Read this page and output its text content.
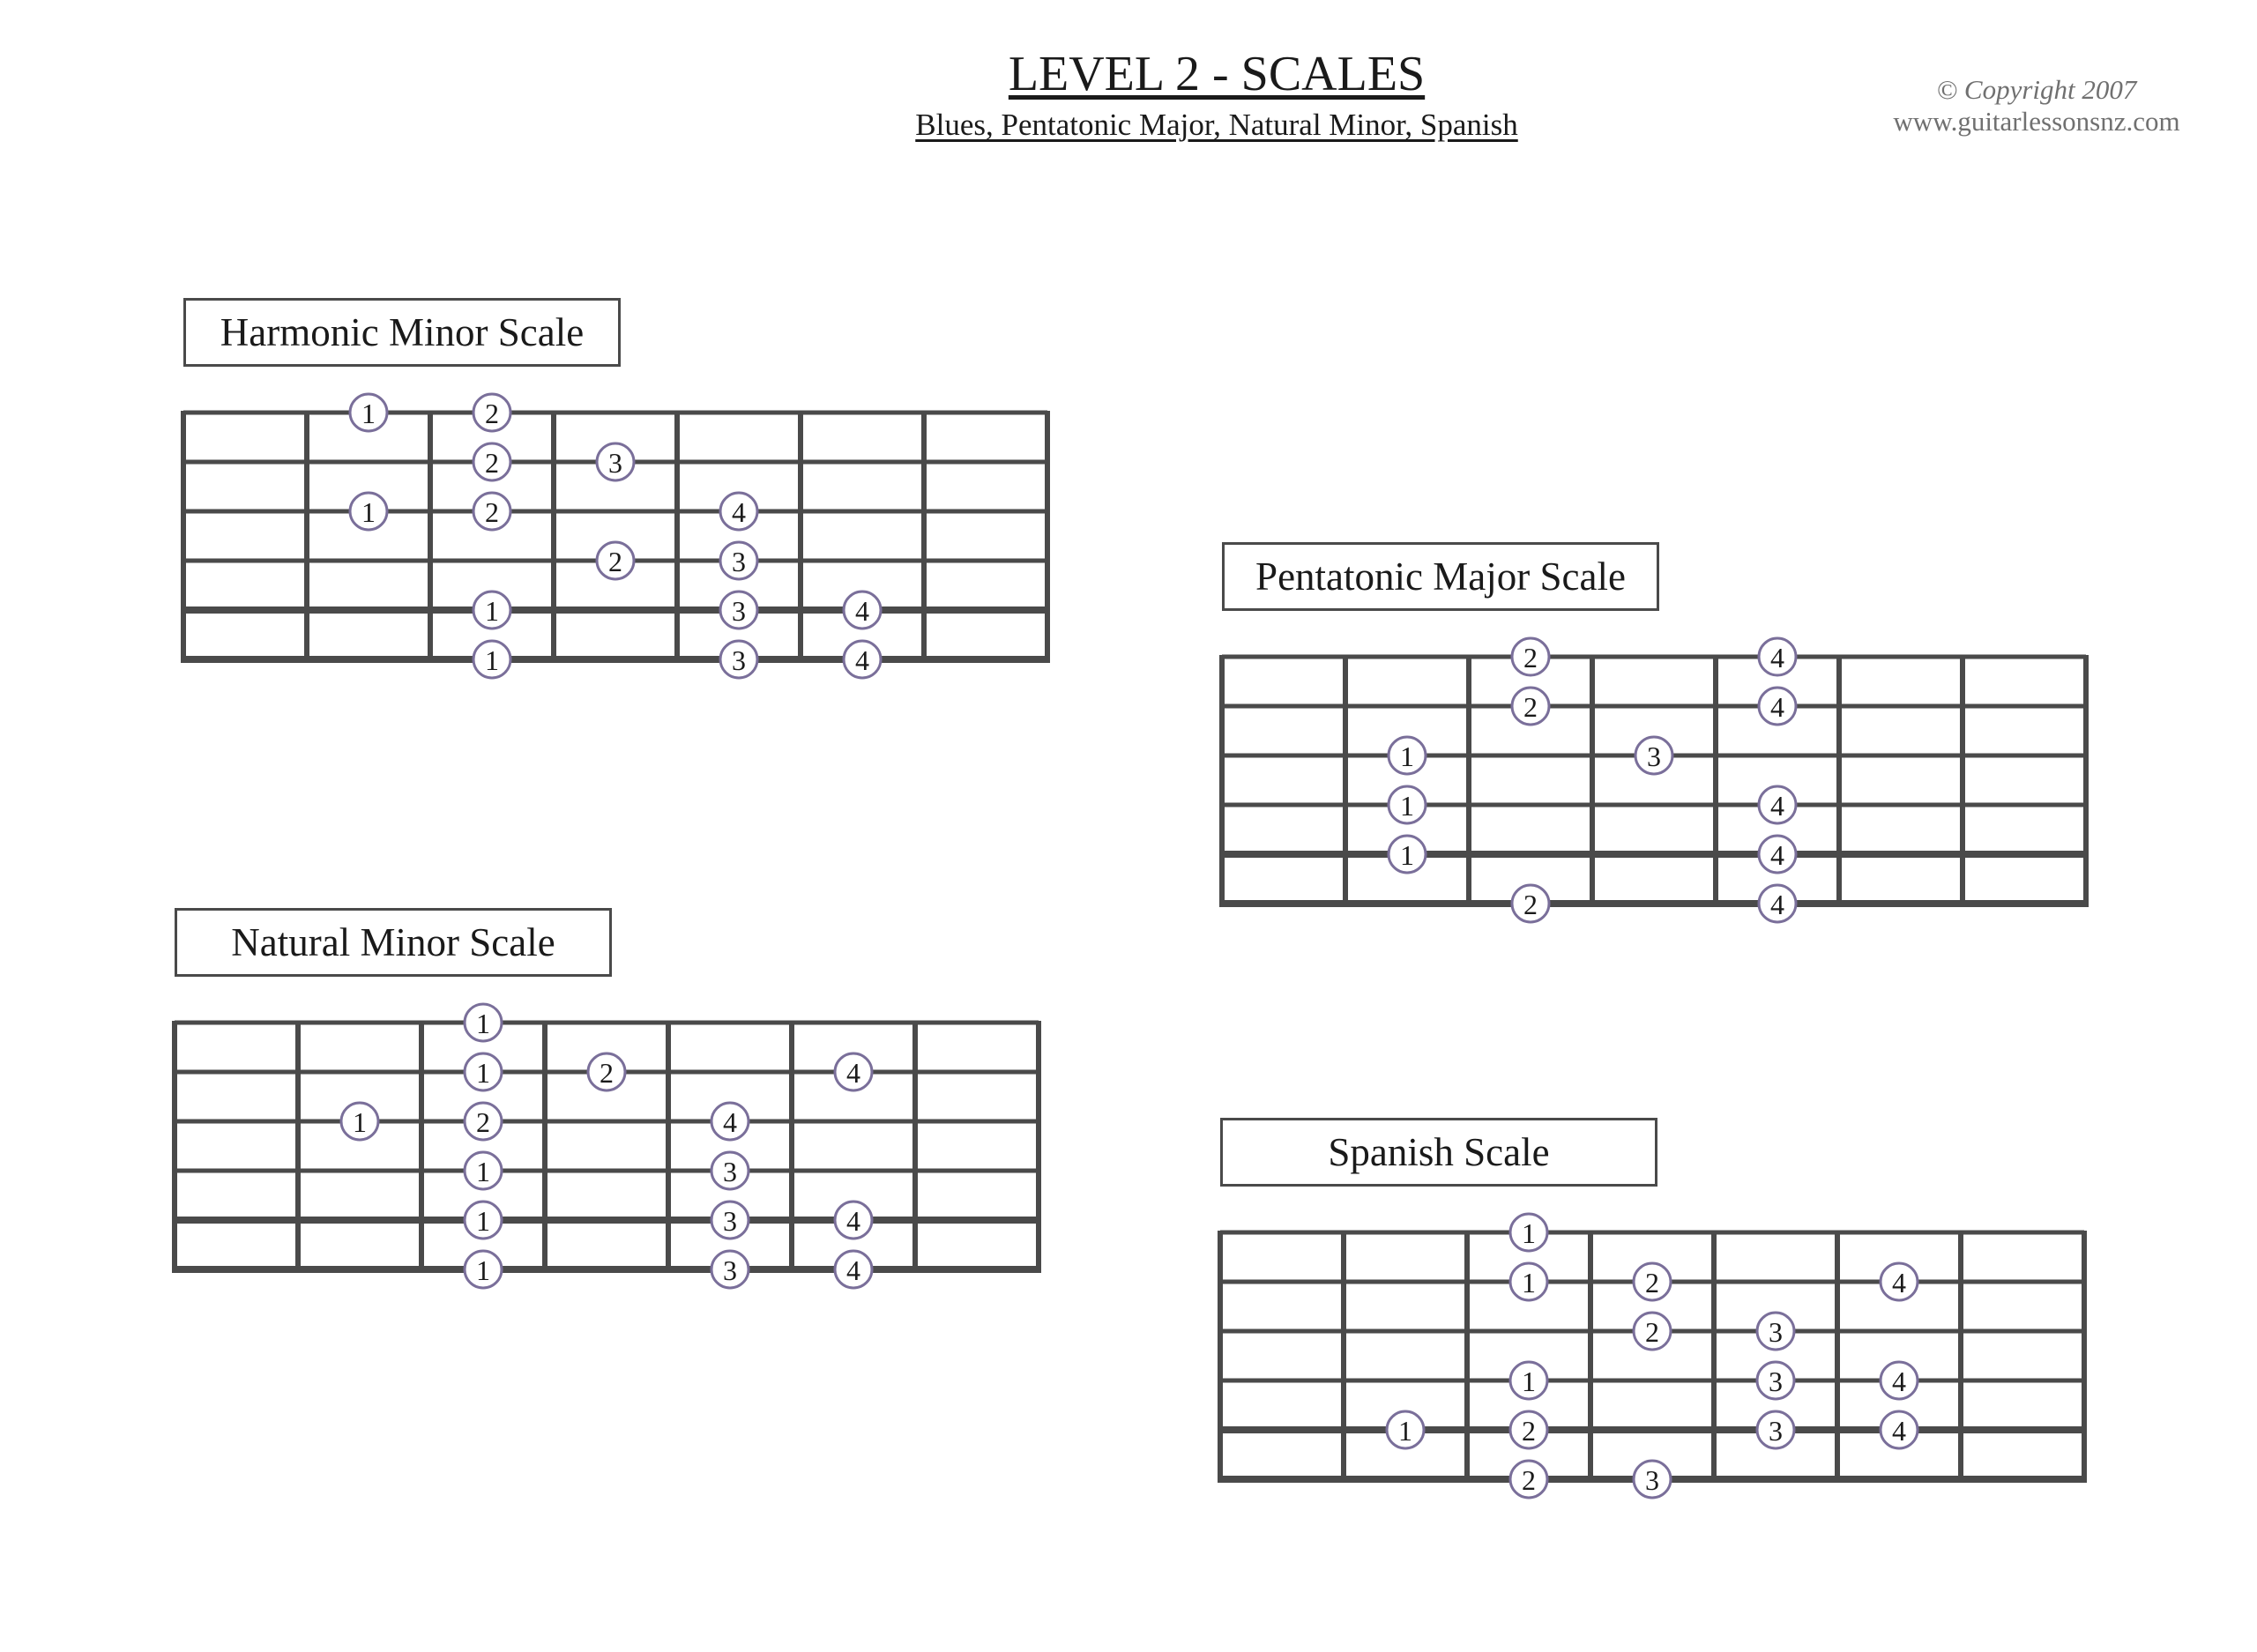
LEVEL 2 - SCALES
Blues, Pentatonic Major, Natural Minor, Spanish
© Copyright 2007
www.guitarlessonsnz.com
Harmonic Minor Scale
1	2
2	3
1	2	4
2	3
1	3	4
1	3	4
Pentatonic Major Scale
2	4
2	4
1	3
1	4
1	4
2	4
Natural Minor Scale
1
1	2	4
1	2	4
1	3
1	3	4
1	3	4
Spanish Scale
1
1	2	4
2	3
1	3	4
1	2	3	4
2	3
